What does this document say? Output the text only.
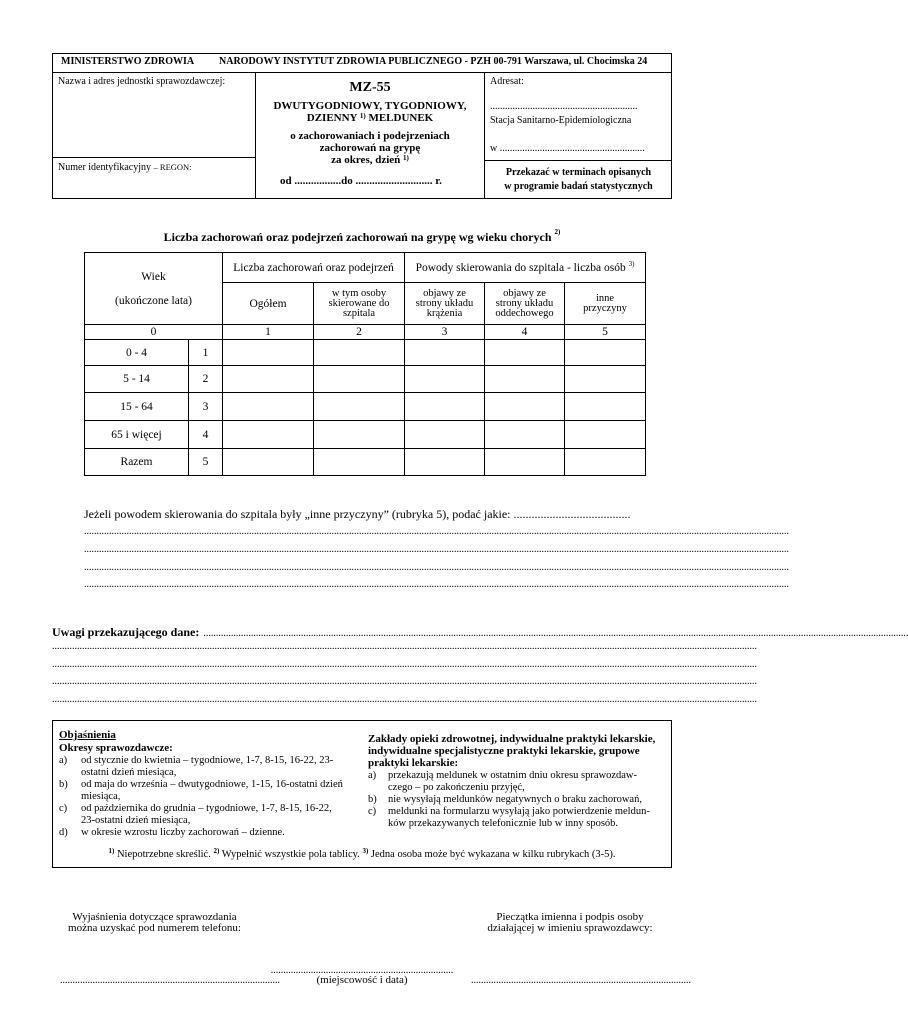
MINISTERSTWO ZDROWIA NARODOWY INSTYTUT ZDROWIA PUBLICZNEGO - PZH 00-791 Warszawa, ul. Chocimska 24
Nazwa i adres jednostki sprawozdawczej:
Numer identyfikacyjny – REGON:
MZ-55
DWUTYGODNIOWY, TYGODNIOWY,
DZIENNY $^{1)}$ MELDUNEK
o zachorowaniach i podejrzeniach
zachorowań na grypę
za okres, dzień $^{1)}$
od .................do ............................ r.
Adresat:
...........................................................
Stacja Sanitarno-Epidemiologiczna
w ..........................................................
Przekazać w terminach opisanych
w programie badań statystycznych
Liczba zachorowań oraz podejrzeń zachorowań na grypę wg wieku chorych $^{2)}$
Wiek
(ukończone lata)		Liczba zachorowań oraz podejrzeń		Powody skierowania do szpitala - liczba osób $^{3)}$
		Ogółem	w tym osoby skierowane do szpitala	objawy ze strony układu krążenia	objawy ze strony układu oddechowego	inne przyczyny
0		1	2	3	4	5
0 - 4	1					
5 - 14	2					
15 - 64	3					
65 i więcej	4					
Razem	5					
Jeżeli powodem skierowania do szpitala były „inne przyczyny” (rubryka 5), podać jakie: .......................................
..........................................................................................................................................................................................................................................................................................
..........................................................................................................................................................................................................................................................................................
..........................................................................................................................................................................................................................................................................................
..........................................................................................................................................................................................................................................................................................
Uwagi przekazującego dane: ..........................................................................................................................................................................................................................................................................................
..........................................................................................................................................................................................................................................................................................
..........................................................................................................................................................................................................................................................................................
..........................................................................................................................................................................................................................................................................................
..........................................................................................................................................................................................................................................................................................
Objaśnienia
Okresy sprawozdawcze:
a)	od stycznie do kwietnia – tygodniowe, 1-7, 8-15, 16-22, 23-
ostatni dzień miesiąca,
b)	od maja do września – dwutygodniowe, 1-15, 16-ostatni dzień
miesiąca,
c)	od października do grudnia – tygodniowe, 1-7, 8-15, 16-22,
23-ostatni dzień miesiąca,
d)	w okresie wzrostu liczby zachorowań – dzienne.
Zakłady opieki zdrowotnej, indywidualne praktyki lekarskie,
indywidualne specjalistyczne praktyki lekarskie, grupowe
praktyki lekarskie:
a)	przekazują meldunek w ostatnim dniu okresu sprawozdaw-
czego – po zakończeniu przyjęć,
b)	nie wysyłają meldunków negatywnych o braku zachorowań,
c)	meldunki na formularzu wysyłają jako potwierdzenie meldun-
ków przekazywanych telefonicznie lub w inny sposób.
$^{1)}$ Niepotrzebne skreślić. $^{2)}$ Wypełnić wszystkie pola tablicy. $^{3)}$ Jedna osoba może być wykazana w kilku rubrykach (3-5).
Wyjaśnienia dotyczące sprawozdania
można uzyskać pod numerem telefonu:
Pieczątka imienna i podpis osoby
działającej w imieniu sprawozdawcy:
.........................................................................
(miejscowość i data)
........................................................................................	........................................................................................
